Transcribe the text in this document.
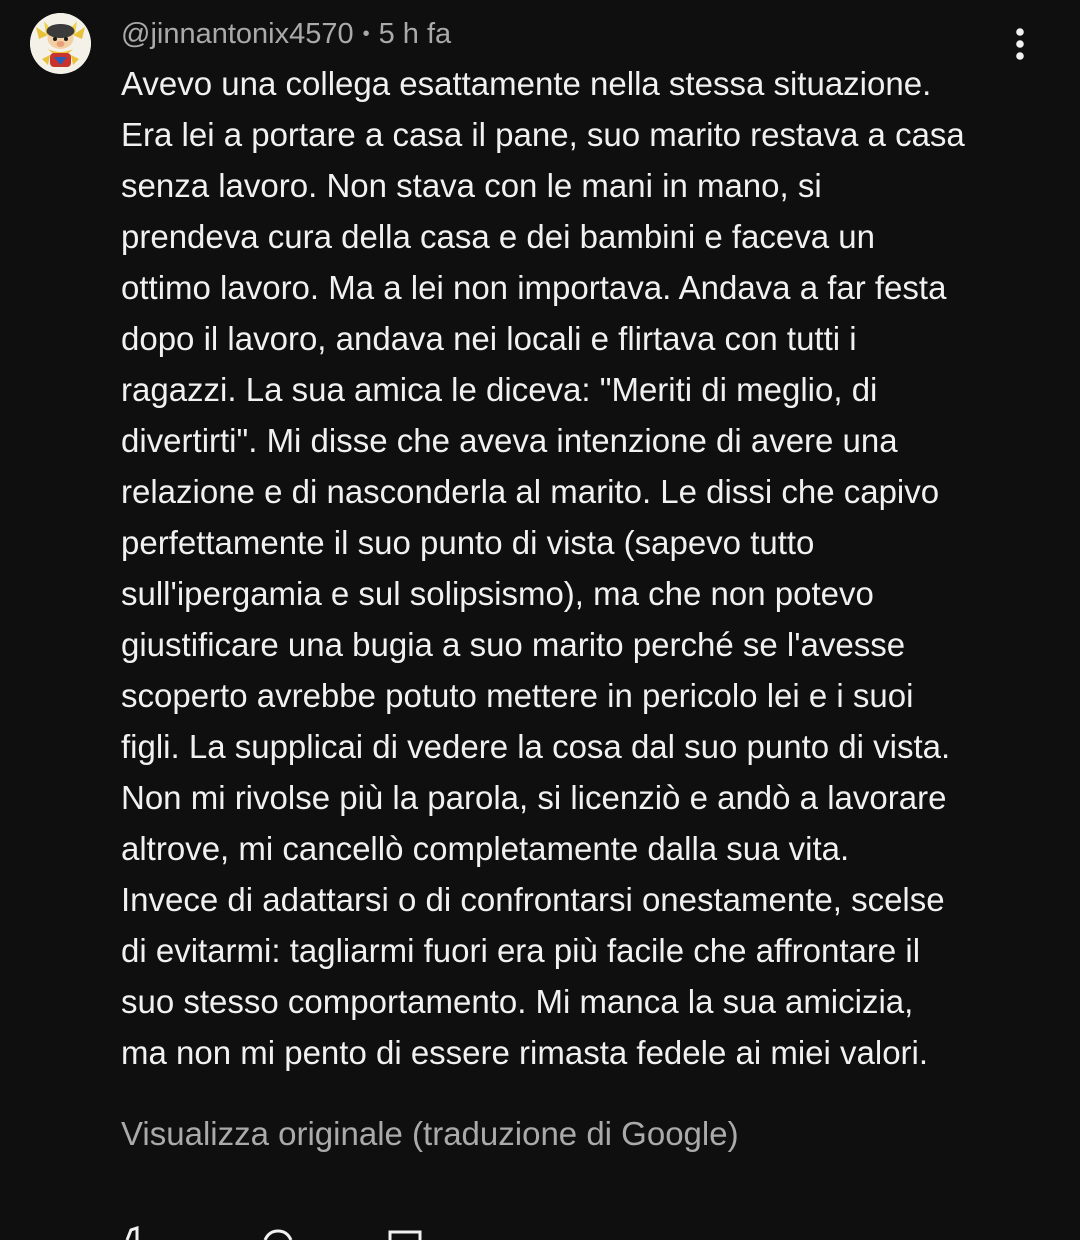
@jinnantonix4570 • 5 h fa

Avevo una collega esattamente nella stessa situazione.
Era lei a portare a casa il pane, suo marito restava a casa
senza lavoro. Non stava con le mani in mano, si
prendeva cura della casa e dei bambini e faceva un
ottimo lavoro. Ma a lei non importava. Andava a far festa
dopo il lavoro, andava nei locali e flirtava con tutti i
ragazzi. La sua amica le diceva: "Meriti di meglio, di
divertirti". Mi disse che aveva intenzione di avere una
relazione e di nasconderla al marito. Le dissi che capivo
perfettamente il suo punto di vista (sapevo tutto
sull'ipergamia e sul solipsismo), ma che non potevo
giustificare una bugia a suo marito perché se l'avesse
scoperto avrebbe potuto mettere in pericolo lei e i suoi
figli. La supplicai di vedere la cosa dal suo punto di vista.
Non mi rivolse più la parola, si licenziò e andò a lavorare
altrove, mi cancellò completamente dalla sua vita.
Invece di adattarsi o di confrontarsi onestamente, scelse
di evitarmi: tagliarmi fuori era più facile che affrontare il
suo stesso comportamento. Mi manca la sua amicizia,
ma non mi pento di essere rimasta fedele ai miei valori.

Visualizza originale (traduzione di Google)
